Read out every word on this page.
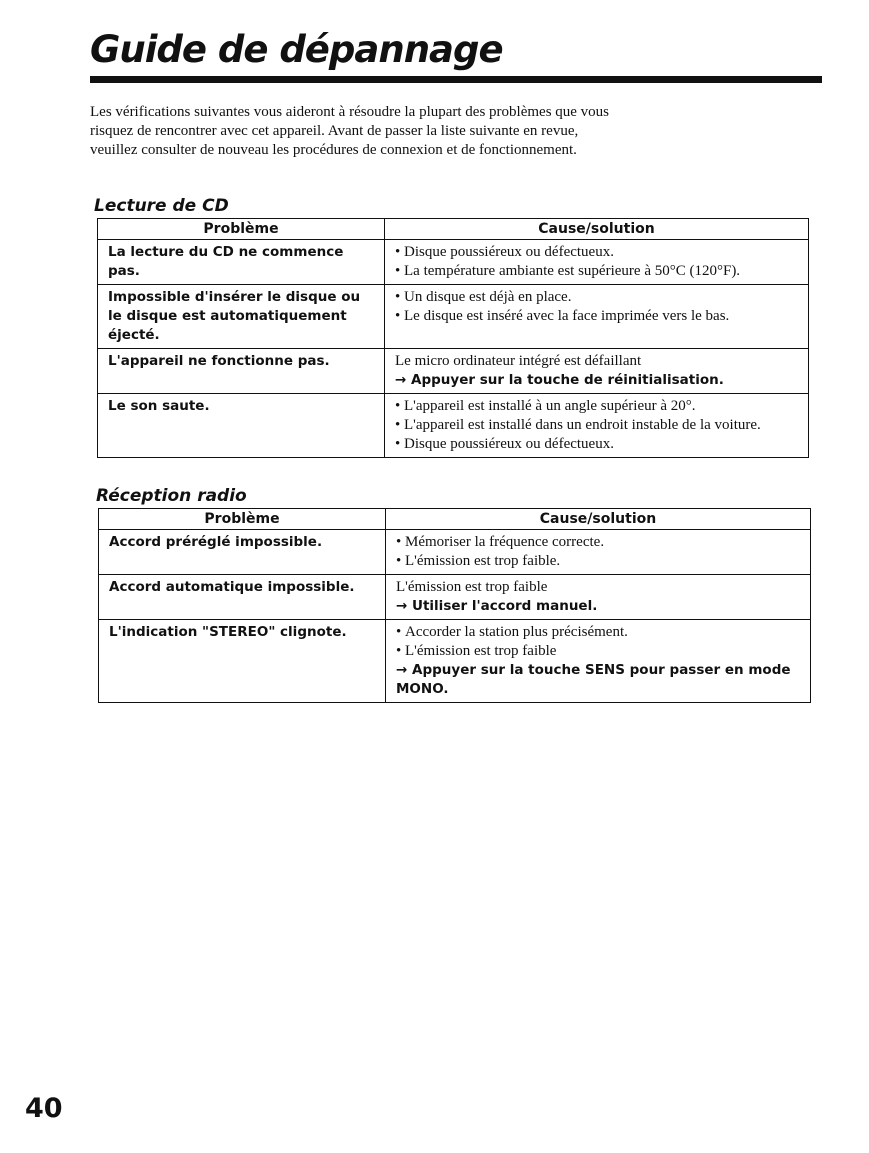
Guide de dépannage

Les vérifications suivantes vous aideront à résoudre la plupart des problèmes que vous risquez de rencontrer avec cet appareil. Avant de passer la liste suivante en revue, veuillez consulter de nouveau les procédures de connexion et de fonctionnement.

Lecture de CD
Problème	Cause/solution
La lecture du CD ne commence pas.	• Disque poussiéreux ou défectueux.
• La température ambiante est supérieure à 50°C (120°F).

Impossible d'insérer le disque ou le disque est automatiquement éjecté.	• Un disque est déjà en place.
• Le disque est inséré avec la face imprimée vers le bas.

L'appareil ne fonctionne pas.	Le micro ordinateur intégré est défaillant
→ Appuyer sur la touche de réinitialisation.

Le son saute.	• L'appareil est installé à un angle supérieur à 20°.
• L'appareil est installé dans un endroit instable de la voiture.
• Disque poussiéreux ou défectueux.
Réception radio
Problème	Cause/solution
Accord préréglé impossible.	• Mémoriser la fréquence correcte.
• L'émission est trop faible.

Accord automatique impossible.	L'émission est trop faible
→ Utiliser l'accord manuel.

L'indication "STEREO" clignote.	• Accorder la station plus précisément.
• L'émission est trop faible
→ Appuyer sur la touche SENS pour passer en mode MONO.
40
